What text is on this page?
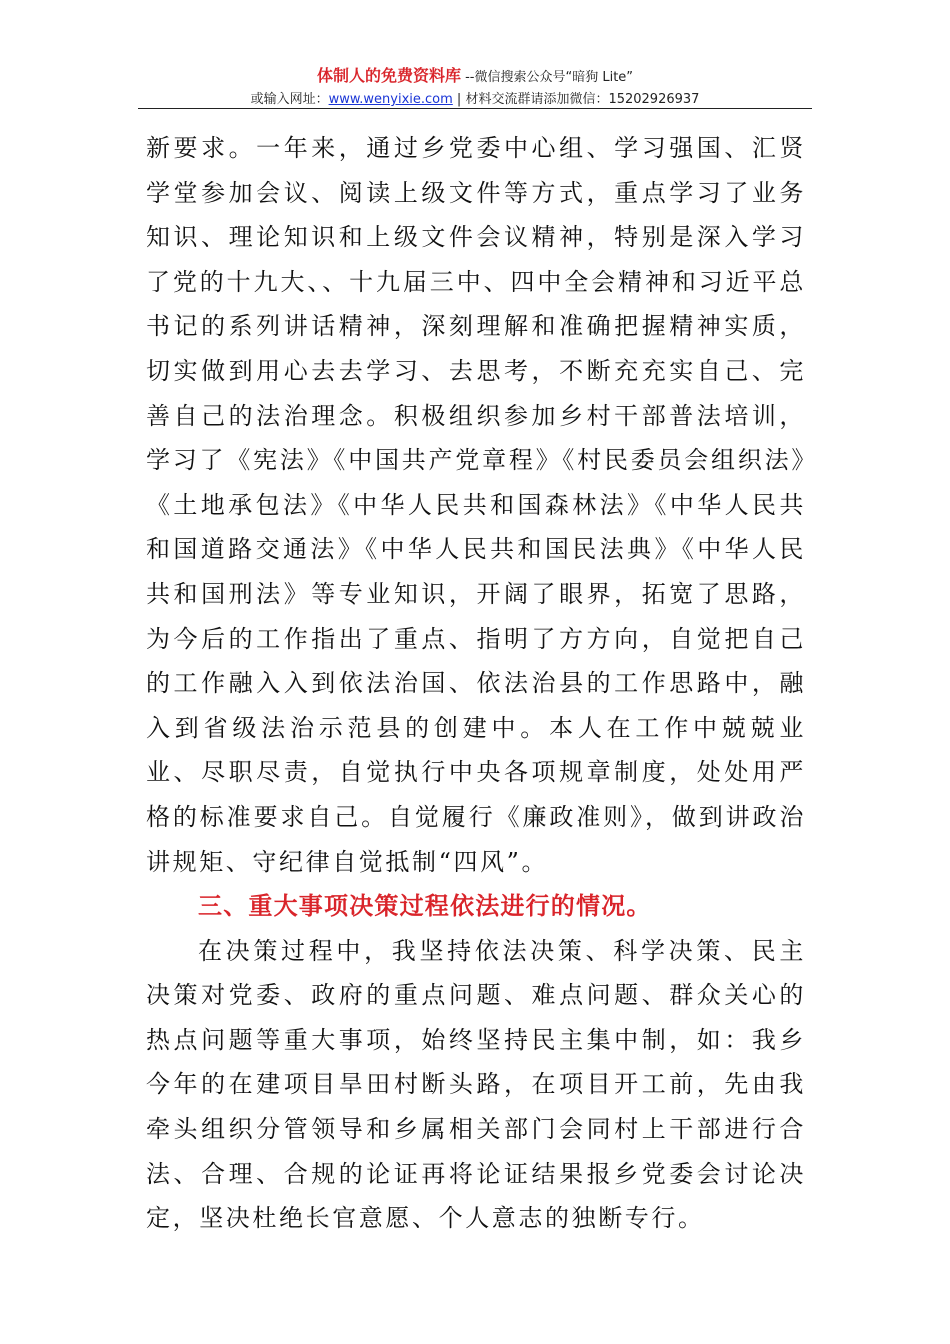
体制人的免费资料库 --微信搜索公众号“暗狗 Lite”
或输入网址：www.wenyixie.com | 材料交流群请添加微信：15202926937

新要求。一年来，通过乡党委中心组、学习强国、汇贤学堂参加会议、阅读上级文件等方式，重点学习了业务知识、理论知识和上级文件会议精神，特别是深入学习了党的十九大、、十九届三中、四中全会精神和习近平总书记的系列讲话精神，深刻理解和准确把握精神实质，切实做到用心去去学习、去思考，不断充充实自己、完善自己的法治理念。积极组织参加乡村干部普法培训，学习了《宪法》《中国共产党章程》《村民委员会组织法》《土地承包法》《中华人民共和国森林法》《中华人民共和国道路交通法》《中华人民共和国民法典》《中华人民共和国刑法》等专业知识，开阔了眼界，拓宽了思路，为今后的工作指出了重点、指明了方方向，自觉把自己的工作融入入到依法治国、依法治县的工作思路中，融入到省级法治示范县的创建中。本人在工作中兢兢业业、尽职尽责，自觉执行中央各项规章制度，处处用严格的标准要求自己。自觉履行《廉政准则》，做到讲政治讲规矩、守纪律自觉抵制“四风”。

三、重大事项决策过程依法进行的情况。

在决策过程中，我坚持依法决策、科学决策、民主决策对党委、政府的重点问题、难点问题、群众关心的热点问题等重大事项，始终坚持民主集中制，如：我乡今年的在建项目旱田村断头路，在项目开工前，先由我牵头组织分管领导和乡属相关部门会同村上干部进行合法、合理、合规的论证再将论证结果报乡党委会讨论决定，坚决杜绝长官意愿、个人意志的独断专行。
